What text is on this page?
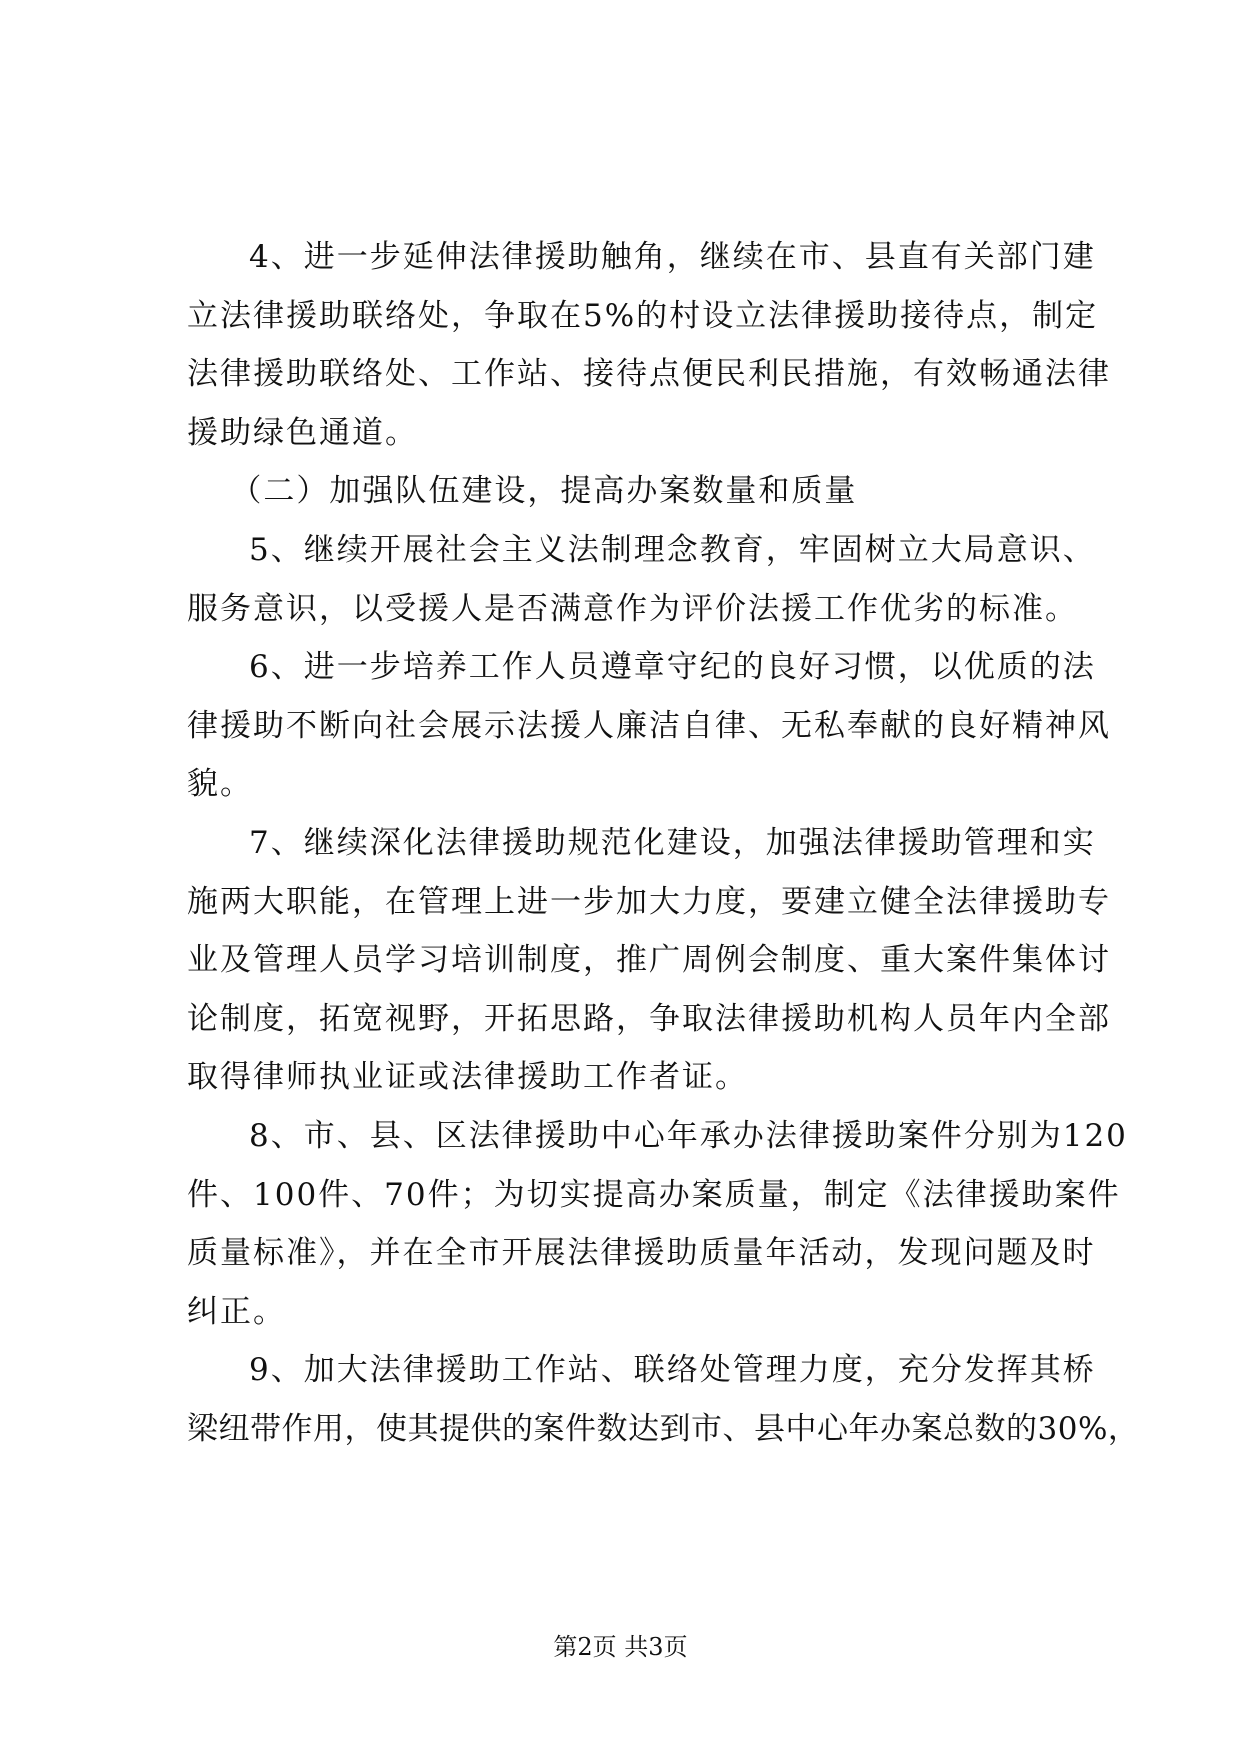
4、进一步延伸法律援助触角，继续在市、县直有关部门建
立法律援助联络处，争取在5%的村设立法律援助接待点，制定
法律援助联络处、工作站、接待点便民利民措施，有效畅通法律
援助绿色通道。

（二）加强队伍建设，提高办案数量和质量

5、继续开展社会主义法制理念教育，牢固树立大局意识、
服务意识，以受援人是否满意作为评价法援工作优劣的标准。

6、进一步培养工作人员遵章守纪的良好习惯，以优质的法
律援助不断向社会展示法援人廉洁自律、无私奉献的良好精神风
貌。

7、继续深化法律援助规范化建设，加强法律援助管理和实
施两大职能，在管理上进一步加大力度，要建立健全法律援助专
业及管理人员学习培训制度，推广周例会制度、重大案件集体讨
论制度，拓宽视野，开拓思路，争取法律援助机构人员年内全部
取得律师执业证或法律援助工作者证。

8、市、县、区法律援助中心年承办法律援助案件分别为120
件、100件、70件；为切实提高办案质量，制定《法律援助案件
质量标准》，并在全市开展法律援助质量年活动，发现问题及时
纠正。

9、加大法律援助工作站、联络处管理力度，充分发挥其桥
梁纽带作用，使其提供的案件数达到市、县中心年办案总数的30%，

第2页 共3页
